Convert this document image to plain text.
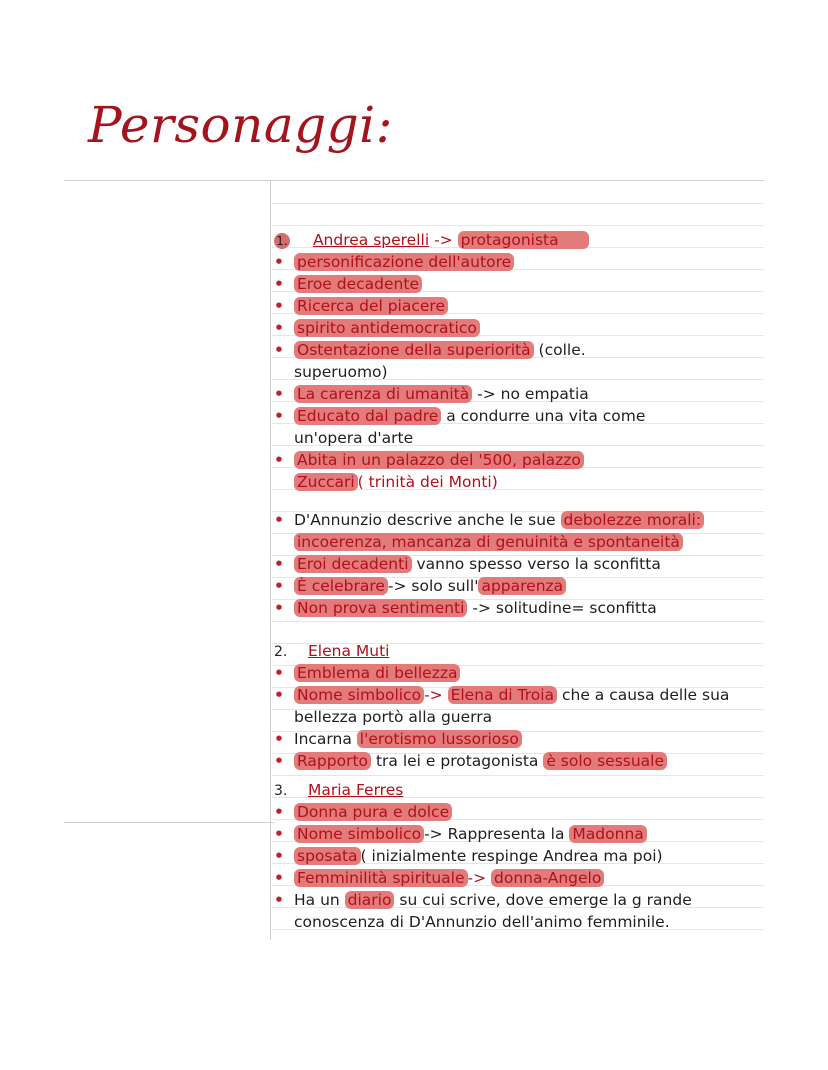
Personaggi:
1. Andrea sperelli -> protagonista
• personificazione dell'autore
• Eroe decadente
• Ricerca del piacere
• spirito antidemocratico
• Ostentazione della superiorità (colle.
superuomo)
• La carenza di umanità -> no empatia
• Educato dal padre a condurre una vita come
un'opera d'arte
• Abita in un palazzo del '500, palazzo
Zuccari ( trinità dei Monti)
• D'Annunzio descrive anche le sue debolezze morali:
incoerenza, mancanza di genuinità e spontaneità
• Eroi decadenti vanno spesso verso la sconfitta
• È celebrare -> solo sull' apparenza
• Non prova sentimenti -> solitudine= sconfitta
2. Elena Muti
• Emblema di bellezza
• Nome simbolico -> Elena di Troia che a causa delle sua
bellezza portò alla guerra
• Incarna l'erotismo lussorioso
• Rapporto tra lei e protagonista è solo sessuale
3. Maria Ferres
• Donna pura e dolce
• Nome simbolico -> Rappresenta la Madonna
• sposata ( inizialmente respinge Andrea ma poi)
• Femminilità spirituale -> donna-Angelo
• Ha un diario su cui scrive, dove emerge la g rande
conoscenza di D'Annunzio dell'animo femminile.
